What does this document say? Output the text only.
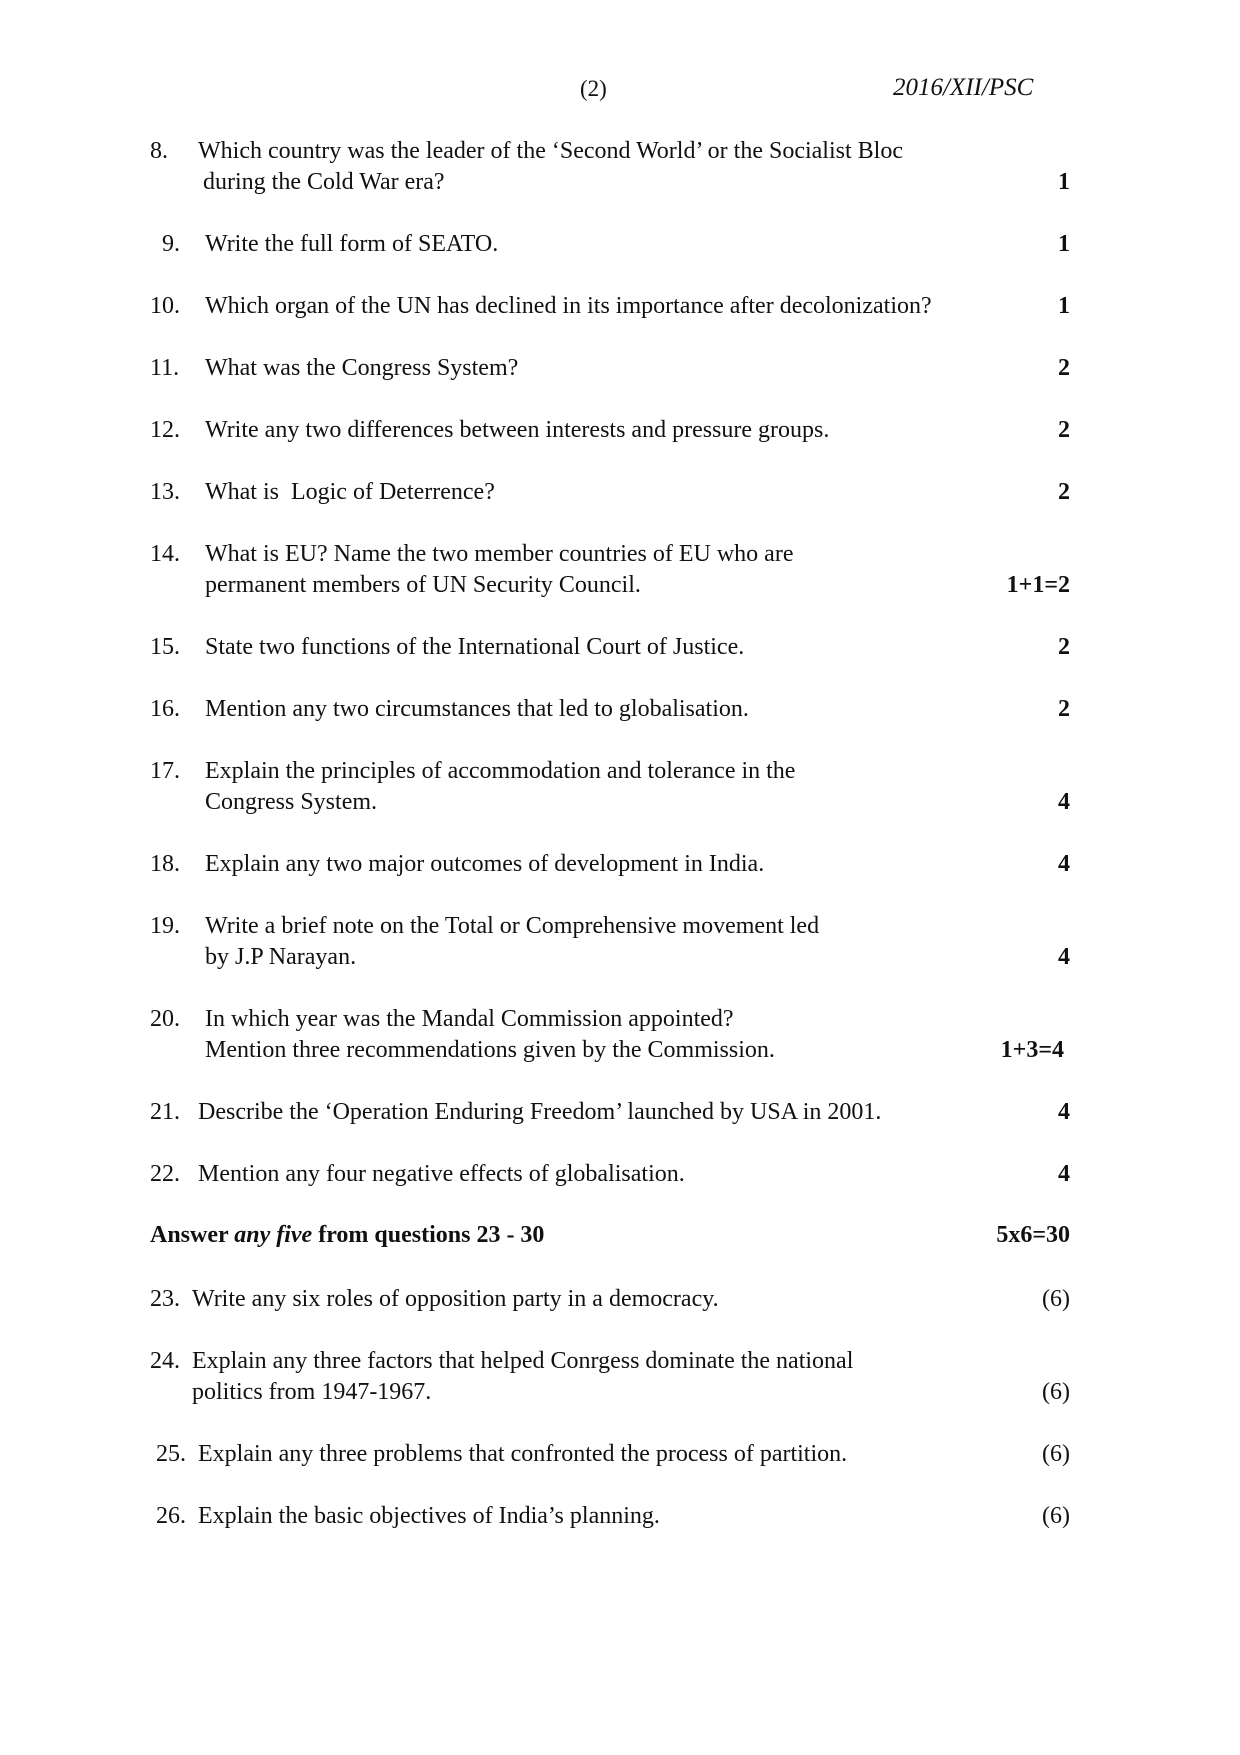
(2)	2016/XII/PSC
8. Which country was the leader of the ‘Second World’ or the Socialist Bloc
during the Cold War era?	1
9. Write the full form of SEATO.	1
10. Which organ of the UN has declined in its importance after decolonization?	1
11. What was the Congress System?	2
12. Write any two differences between interests and pressure groups.	2
13. What is  Logic of Deterrence?	2
14. What is EU? Name the two member countries of EU who are
permanent members of UN Security Council.	1+1=2
15. State two functions of the International Court of Justice.	2
16. Mention any two circumstances that led to globalisation.	2
17. Explain the principles of accommodation and tolerance in the
Congress System.	4
18. Explain any two major outcomes of development in India.	4
19. Write a brief note on the Total or Comprehensive movement led
by J.P Narayan.	4
20. In which year was the Mandal Commission appointed?
Mention three recommendations given by the Commission.	1+3=4
21. Describe the ‘Operation Enduring Freedom’ launched by USA in 2001.	4
22. Mention any four negative effects of globalisation.	4
Answer any five from questions 23 - 30	5x6=30
23. Write any six roles of opposition party in a democracy.	(6)
24. Explain any three factors that helped Conrgess dominate the national
politics from 1947-1967.	(6)
25. Explain any three problems that confronted the process of partition.	(6)
26. Explain the basic objectives of India’s planning.	(6)
